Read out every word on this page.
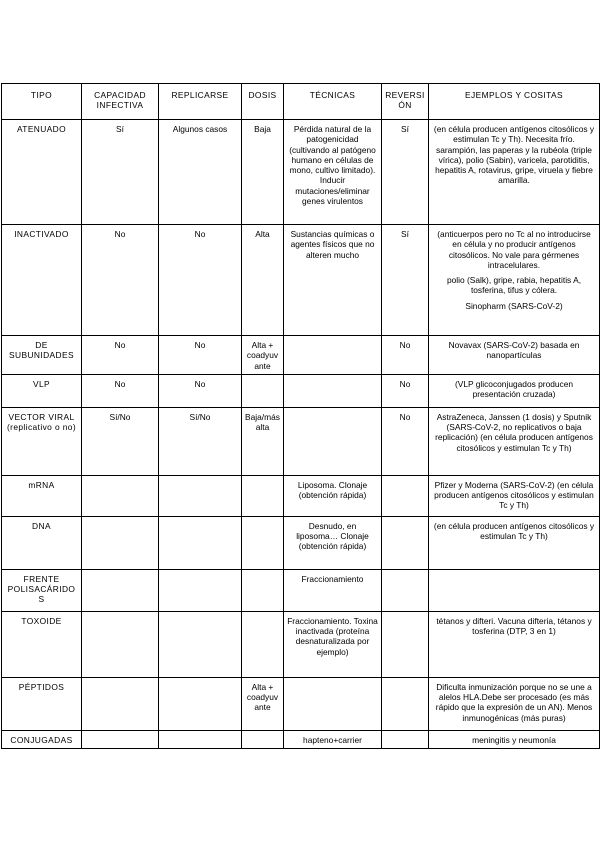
TIPO	CAPACIDAD INFECTIVA	REPLICARSE	DOSIS	TÉCNICAS	REVERSIÓN	EJEMPLOS Y COSITAS
ATENUADO	Sí	Algunos casos	Baja	Pérdida natural de la patogenicidad (cultivando al patógeno humano en células de mono, cultivo limitado). Inducir mutaciones/eliminar genes virulentos	Sí	(en célula producen antígenos citosólicos y estimulan Tc y Th). Necesita frío. sarampión, las paperas y la rubéola (triple vírica), polio (Sabin), varicela, parotiditis, hepatitis A, rotavirus, gripe, viruela y fiebre amarilla.

INACTIVADO	No	No	Alta	Sustancias químicas o agentes físicos que no alteren mucho	Sí	(anticuerpos pero no Tc al no introducirse en célula y no producir antígenos citosólicos. No vale para gérmenes intracelulares.
polio (Salk), gripe, rabia, hepatitis A, tosferina, tifus y cólera.
Sinopharm (SARS-CoV-2)

DE SUBUNIDADES	No	No	Alta + coadyuvante		No	Novavax (SARS-CoV-2) basada en nanopartículas

VLP	No	No			No	(VLP glicoconjugados producen presentación cruzada)

VECTOR VIRAL (replicativo o no)	Sí/No	Sí/No	Baja/más alta		No	AstraZeneca, Janssen (1 dosis) y Sputnik (SARS-CoV-2, no replicativos o baja replicación) (en célula producen antígenos citosólicos y estimulan Tc y Th)

mRNA				Liposoma. Clonaje (obtención rápida)		Pfizer y Moderna (SARS-CoV-2) (en célula producen antígenos citosólicos y estimulan Tc y Th)

DNA				Desnudo, en liposoma… Clonaje (obtención rápida)		(en célula producen antígenos citosólicos y estimulan Tc y Th)

FRENTE POLISACÁRIDOS				Fraccionamiento		

TOXOIDE				Fraccionamiento. Toxina inactivada (proteína desnaturalizada por ejemplo)		tétanos y difteri. Vacuna difteria, tétanos y tosferina (DTP, 3 en 1)

PÉPTIDOS			Alta + coadyuvante			Dificulta inmunización porque no se une a alelos HLA.Debe ser procesado (es más rápido que la expresión de un AN). Menos inmunogénicas (más puras)

CONJUGADAS				hapteno+carrier		meningitis y neumonía
